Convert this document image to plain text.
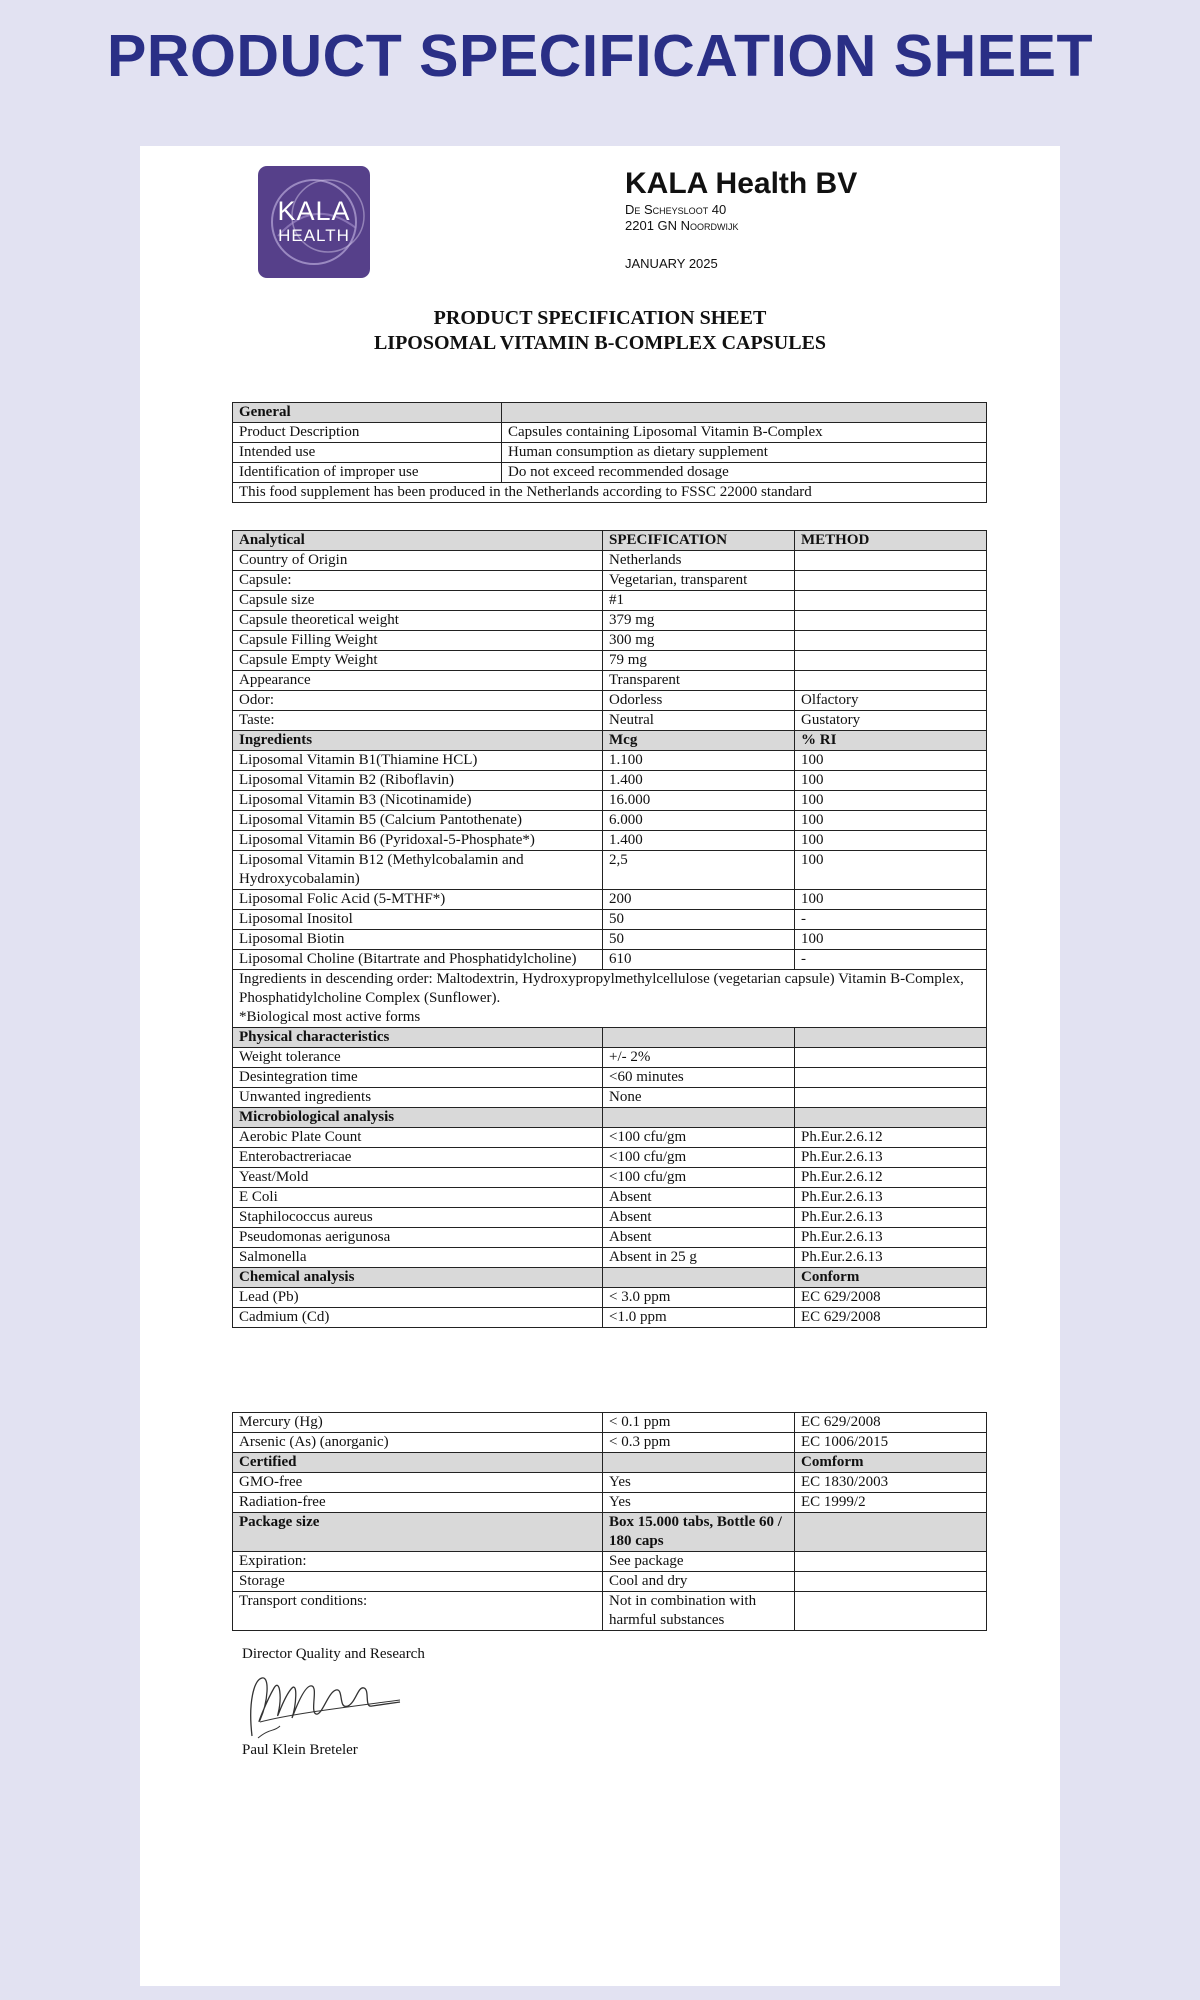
PRODUCT SPECIFICATION SHEET
KALA
HEALTH
KALA Health BV
De Scheysloot 40
2201 GN Noordwijk
JANUARY 2025
PRODUCT SPECIFICATION SHEET
LIPOSOMAL VITAMIN B-COMPLEX CAPSULES
General	
Product Description	Capsules containing Liposomal Vitamin B-Complex
Intended use	Human consumption as dietary supplement
Identification of improper use	Do not exceed recommended dosage
This food supplement has been produced in the Netherlands according to FSSC 22000 standard	
Analytical	SPECIFICATION	METHOD
Country of Origin	Netherlands	
Capsule:	Vegetarian, transparent	
Capsule size	#1	
Capsule theoretical weight	379 mg	
Capsule Filling Weight	300 mg	
Capsule Empty Weight	79 mg	
Appearance	Transparent	
Odor:	Odorless	Olfactory
Taste:	Neutral	Gustatory
Ingredients	Mcg	% RI
Liposomal Vitamin B1(Thiamine HCL)	1.100	100
Liposomal Vitamin B2 (Riboflavin)	1.400	100
Liposomal Vitamin B3 (Nicotinamide)	16.000	100
Liposomal Vitamin B5 (Calcium Pantothenate)	6.000	100
Liposomal Vitamin B6 (Pyridoxal-5-Phosphate*)	1.400	100
Liposomal Vitamin B12 (Methylcobalamin and Hydroxycobalamin)	2,5	100
Liposomal Folic Acid (5-MTHF*)	200	100
Liposomal Inositol	50	-
Liposomal Biotin	50	100
Liposomal Choline (Bitartrate and Phosphatidylcholine)	610	-

Ingredients in descending order: Maltodextrin, Hydroxypropylmethylcellulose (vegetarian capsule) Vitamin B-Complex, Phosphatidylcholine Complex (Sunflower).
*Biological most active forms		

Physical characteristics		
Weight tolerance	+/- 2%	
Desintegration time	<60 minutes	
Unwanted ingredients	None	
Microbiological analysis		
Aerobic Plate Count	<100 cfu/gm	Ph.Eur.2.6.12
Enterobactreriacae	<100 cfu/gm	Ph.Eur.2.6.13
Yeast/Mold	<100 cfu/gm	Ph.Eur.2.6.12
E Coli	Absent	Ph.Eur.2.6.13
Staphilococcus aureus	Absent	Ph.Eur.2.6.13
Pseudomonas aerigunosa	Absent	Ph.Eur.2.6.13
Salmonella	Absent in 25 g	Ph.Eur.2.6.13
Chemical analysis		Conform
Lead (Pb)	< 3.0 ppm	EC 629/2008
Cadmium (Cd)	<1.0 ppm	EC 629/2008
Mercury (Hg)	< 0.1 ppm	EC 629/2008
Arsenic (As) (anorganic)	< 0.3 ppm	EC 1006/2015
Certified		Comform
GMO-free	Yes	EC 1830/2003
Radiation-free	Yes	EC 1999/2
Package size	Box 15.000 tabs, Bottle 60 / 180 caps	
Expiration:	See package	
Storage	Cool and dry	
Transport conditions:	Not in combination with harmful substances	
Director Quality and Research
Paul Klein Breteler
